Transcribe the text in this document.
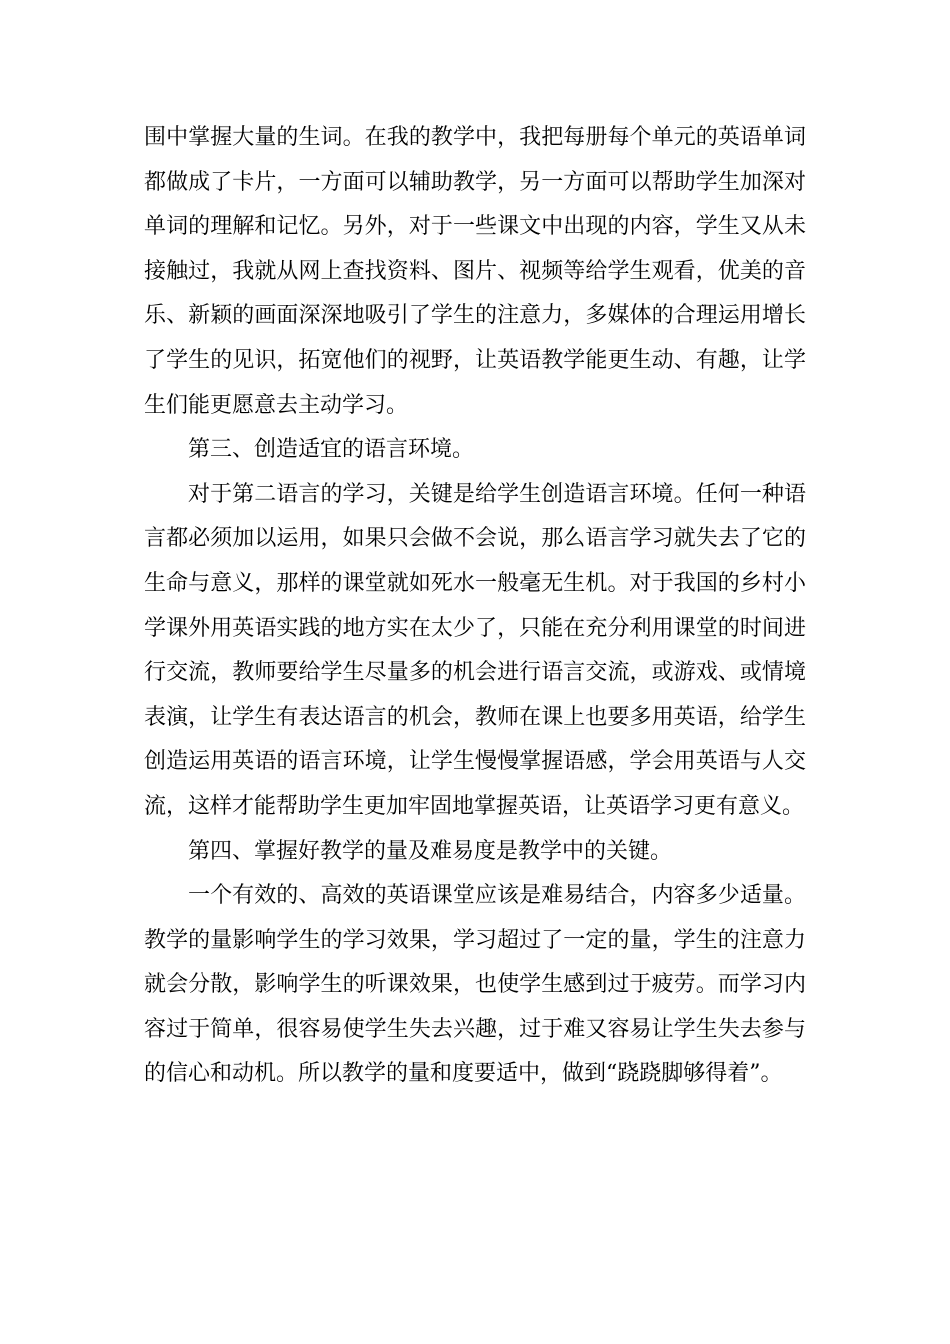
围中掌握大量的生词。在我的教学中，我把每册每个单元的英语单词都做成了卡片，一方面可以辅助教学，另一方面可以帮助学生加深对单词的理解和记忆。另外，对于一些课文中出现的内容，学生又从未接触过，我就从网上查找资料、图片、视频等给学生观看，优美的音乐、新颖的画面深深地吸引了学生的注意力，多媒体的合理运用增长了学生的见识，拓宽他们的视野，让英语教学能更生动、有趣，让学生们能更愿意去主动学习。

第三、创造适宜的语言环境。

对于第二语言的学习，关键是给学生创造语言环境。任何一种语言都必须加以运用，如果只会做不会说，那么语言学习就失去了它的生命与意义，那样的课堂就如死水一般毫无生机。对于我国的乡村小学课外用英语实践的地方实在太少了，只能在充分利用课堂的时间进行交流，教师要给学生尽量多的机会进行语言交流，或游戏、或情境表演，让学生有表达语言的机会，教师在课上也要多用英语，给学生创造运用英语的语言环境，让学生慢慢掌握语感，学会用英语与人交流，这样才能帮助学生更加牢固地掌握英语，让英语学习更有意义。

第四、掌握好教学的量及难易度是教学中的关键。

一个有效的、高效的英语课堂应该是难易结合，内容多少适量。教学的量影响学生的学习效果，学习超过了一定的量，学生的注意力就会分散，影响学生的听课效果，也使学生感到过于疲劳。而学习内容过于简单，很容易使学生失去兴趣，过于难又容易让学生失去参与的信心和动机。所以教学的量和度要适中，做到“跷跷脚够得着”。
